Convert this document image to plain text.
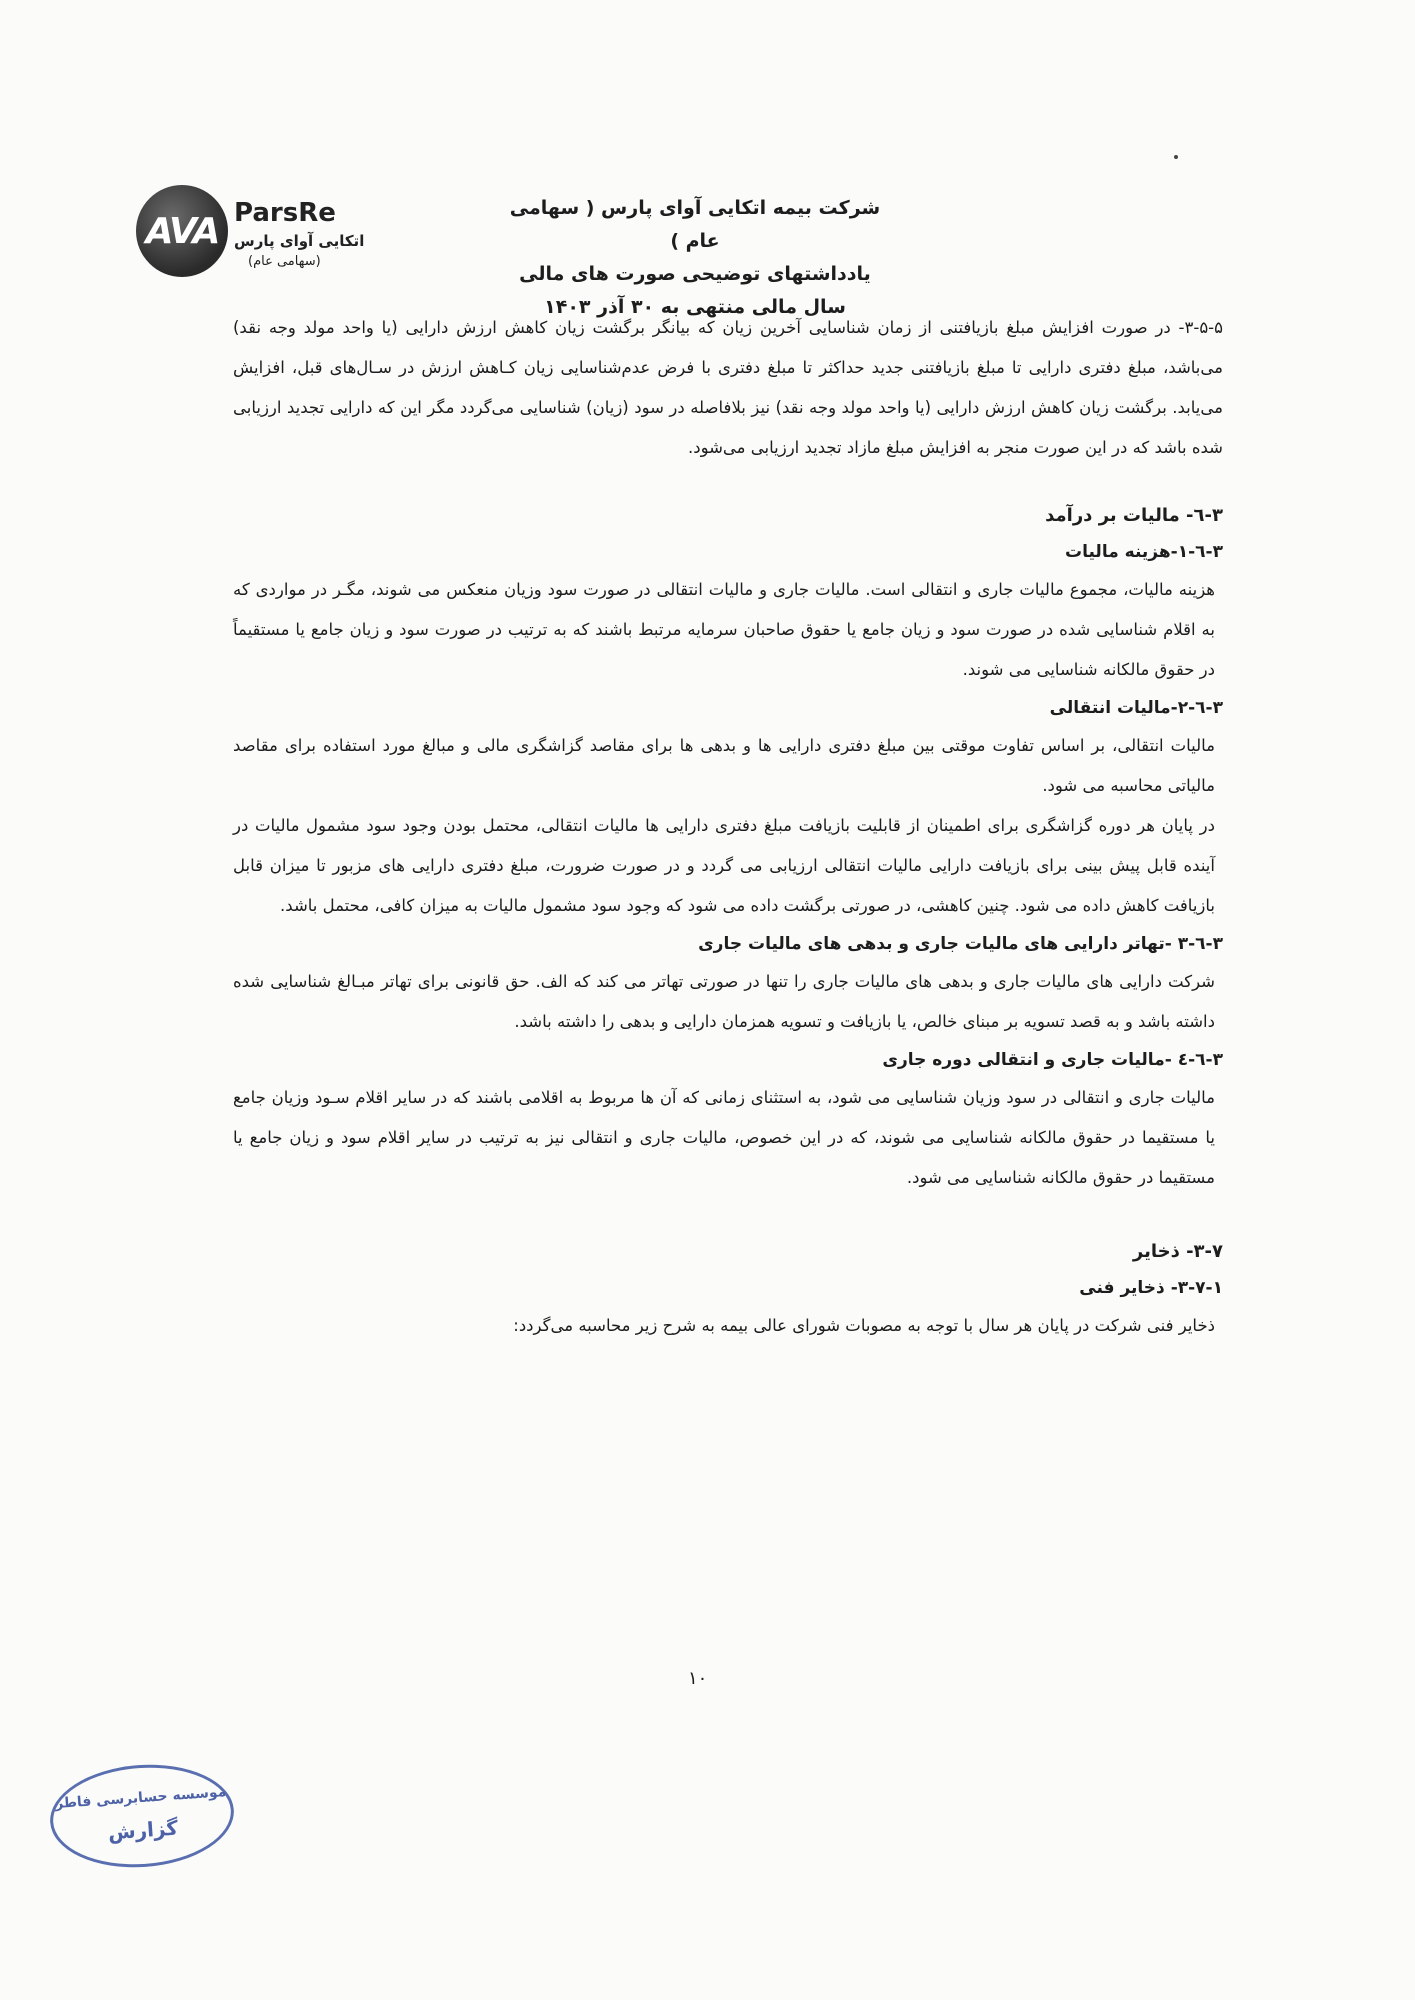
AVA ParsRe
اتکایی آوای پارس
(سهامی عام)
شرکت بیمه اتکایی آوای پارس ( سهامی عام )
یادداشتهای توضیحی صورت های مالی
سال مالی منتهی به ۳۰ آذر ۱۴۰۳

۳-۵-۵- در صورت افزایش مبلغ بازیافتنی از زمان شناسایی آخرین زیان که بیانگر برگشت زیان کاهش ارزش دارایی (یا واحد مولد وجه نقد) می‌باشد، مبلغ دفتری دارایی تا مبلغ بازیافتنی جدید حداکثر تا مبلغ دفتری با فرض عدم‌شناسایی زیان کـاهش ارزش در سـال‌های قبل، افزایش می‌یابد. برگشت زیان کاهش ارزش دارایی (یا واحد مولد وجه نقد) نیز بلافاصله در سود (زیان) شناسایی می‌گردد مگر این که دارایی تجدید ارزیابی شده باشد که در این صورت منجر به افزایش مبلغ مازاد تجدید ارزیابی می‌شود.

۳-٦- مالیات بر درآمد

۳-٦-۱-هزینه مالیات

هزینه مالیات، مجموع مالیات جاری و انتقالی است. مالیات جاری و مالیات انتقالی در صورت سود وزیان منعکس می شوند، مگـر در مواردی که به اقلام شناسایی شده در صورت سود و زیان جامع یا حقوق صاحبان سرمایه مرتبط باشند که به ترتیب در صورت سود و زیان جامع یا مستقیماً در حقوق مالکانه شناسایی می شوند.

۳-٦-۲-مالیات انتقالی

مالیات انتقالی، بر اساس تفاوت موقتی بین مبلغ دفتری دارایی ها و بدهی ها برای مقاصد گزاشگری مالی و مبالغ مورد استفاده برای مقاصد مالیاتی محاسبه می شود.

در پایان هر دوره گزاشگری برای اطمینان از قابلیت بازیافت مبلغ دفتری دارایی ها مالیات انتقالی، محتمل بودن وجود سود مشمول مالیات در آینده قابل پیش بینی برای بازیافت دارایی مالیات انتقالی ارزیابی می گردد و در صورت ضرورت، مبلغ دفتری دارایی های مزبور تا میزان قابل بازیافت کاهش داده می شود. چنین کاهشی، در صورتی برگشت داده می شود که وجود سود مشمول مالیات به میزان کافی، محتمل باشد.

۳-٦-۳ -تهاتر دارایی های مالیات جاری و بدهی های مالیات جاری

شرکت دارایی های مالیات جاری و بدهی های مالیات جاری را تنها در صورتی تهاتر می کند که الف. حق قانونی برای تهاتر مبـالغ شناسایی شده داشته باشد و به قصد تسویه بر مبنای خالص، یا بازیافت و تسویه همزمان دارایی و بدهی را داشته باشد.

۳-٦-٤ -مالیات جاری و انتقالی دوره جاری

مالیات جاری و انتقالی در سود وزیان شناسایی می شود، به استثنای زمانی که آن ها مربوط به اقلامی باشند که در سایر اقلام سـود وزیان جامع یا مستقیما در حقوق مالکانه شناسایی می شوند، که در این خصوص، مالیات جاری و انتقالی نیز به ترتیب در سایر اقلام سود و زیان جامع یا مستقیما در حقوق مالکانه شناسایی می شود.

۳-۷- ذخایر

۳-۷-۱- ذخایر فنی

ذخایر فنی شرکت در پایان هر سال با توجه به مصوبات شورای عالی بیمه به شرح زیر محاسبه می‌گردد:

۱۰
موسسه حسابرسی فاطر
گزارش
